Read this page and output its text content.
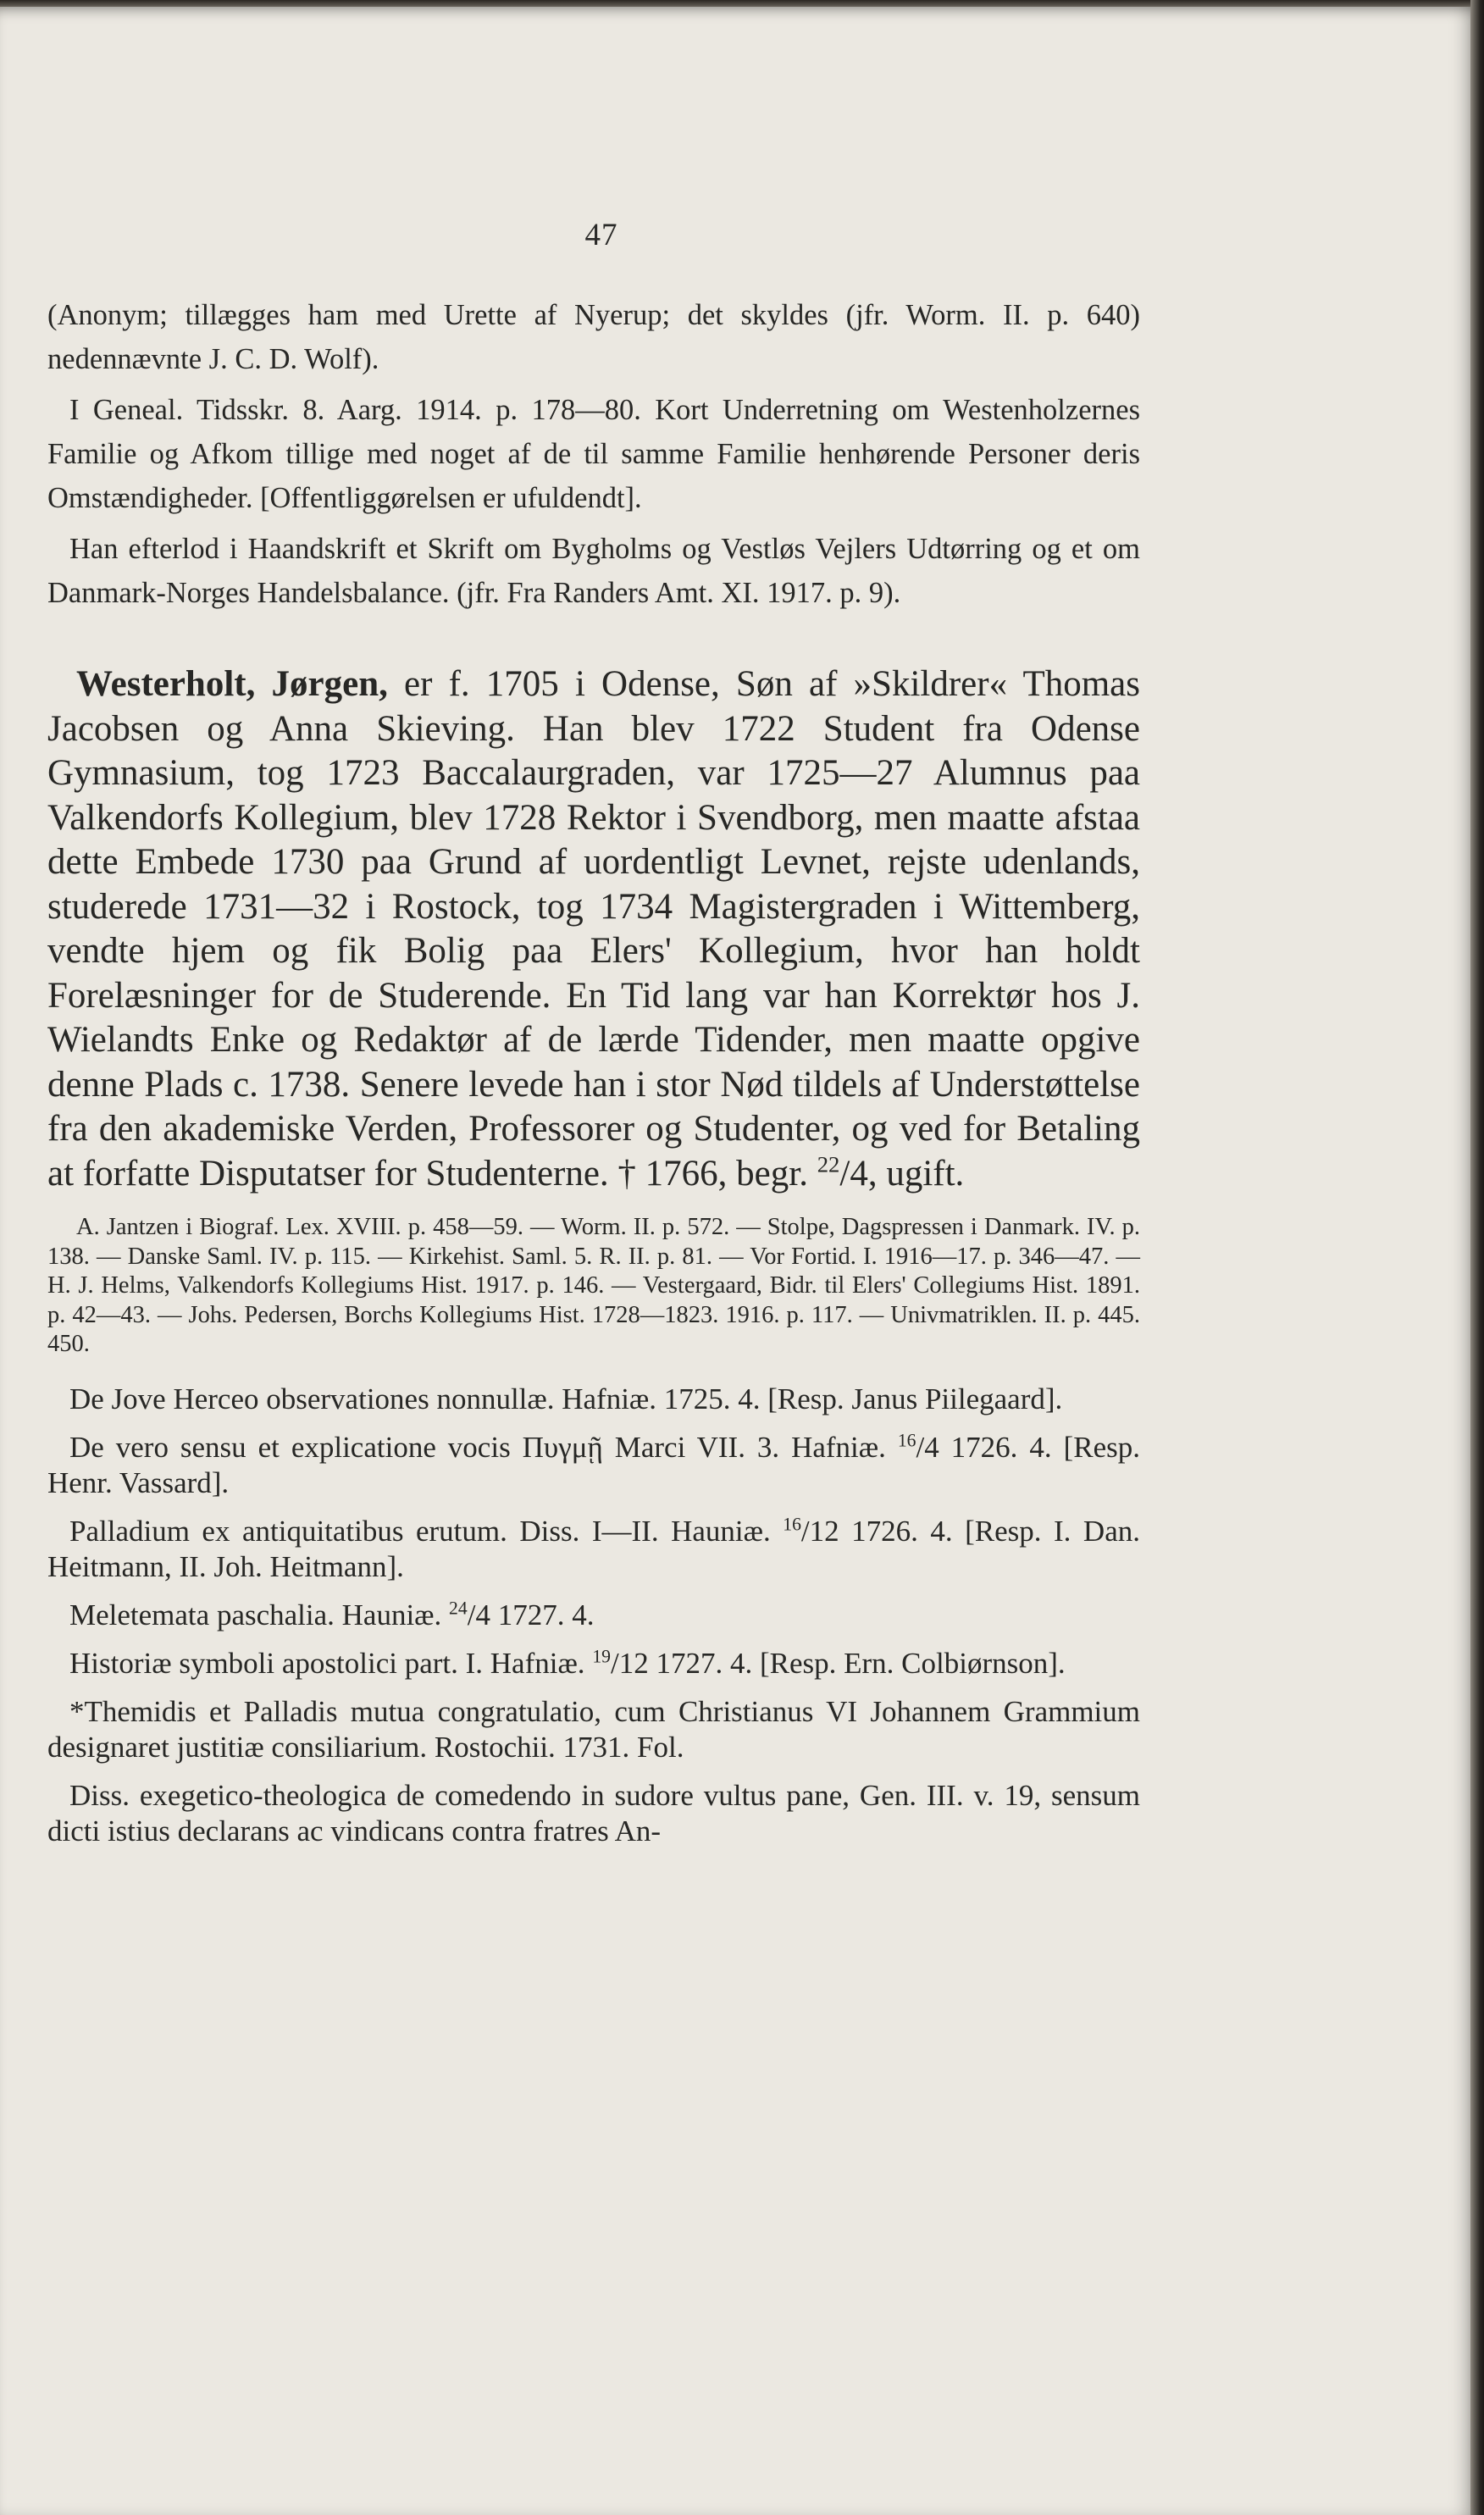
47

(Anonym; tillægges ham med Urette af Nyerup; det skyldes (jfr. Worm. II. p. 640) nedennævnte J. C. D. Wolf).

I Geneal. Tidsskr. 8. Aarg. 1914. p. 178—80. Kort Underretning om Westenholzernes Familie og Afkom tillige med noget af de til samme Familie henhørende Personer deris Omstændigheder. [Offentliggørelsen er ufuldendt].

Han efterlod i Haandskrift et Skrift om Bygholms og Vestløs Vejlers Udtørring og et om Danmark-Norges Handelsbalance. (jfr. Fra Randers Amt. XI. 1917. p. 9).

Westerholt, Jørgen, er f. 1705 i Odense, Søn af »Skildrer« Thomas Jacobsen og Anna Skieving. Han blev 1722 Student fra Odense Gymnasium, tog 1723 Baccalaurgraden, var 1725—27 Alumnus paa Valkendorfs Kollegium, blev 1728 Rektor i Svendborg, men maatte afstaa dette Embede 1730 paa Grund af uordentligt Levnet, rejste udenlands, studerede 1731—32 i Rostock, tog 1734 Magistergraden i Wittemberg, vendte hjem og fik Bolig paa Elers' Kollegium, hvor han holdt Forelæsninger for de Studerende. En Tid lang var han Korrektør hos J. Wielandts Enke og Redaktør af de lærde Tidender, men maatte opgive denne Plads c. 1738. Senere levede han i stor Nød tildels af Understøttelse fra den akademiske Verden, Professorer og Studenter, og ved for Betaling at forfatte Disputatser for Studenterne. † 1766, begr. $^{22}$/4, ugift.

A. Jantzen i Biograf. Lex. XVIII. p. 458—59. — Worm. II. p. 572. — Stolpe, Dagspressen i Danmark. IV. p. 138. — Danske Saml. IV. p. 115. — Kirkehist. Saml. 5. R. II. p. 81. — Vor Fortid. I. 1916—17. p. 346—47. — H. J. Helms, Valkendorfs Kollegiums Hist. 1917. p. 146. — Vestergaard, Bidr. til Elers' Collegiums Hist. 1891. p. 42—43. — Johs. Pedersen, Borchs Kollegiums Hist. 1728—1823. 1916. p. 117. — Univmatriklen. II. p. 445. 450.

De Jove Herceo observationes nonnullæ. Hafniæ. 1725. 4. [Resp. Janus Piilegaard].

De vero sensu et explicatione vocis Πυγμῇ Marci VII. 3. Hafniæ. $^{16}$/4 1726. 4. [Resp. Henr. Vassard].

Palladium ex antiquitatibus erutum. Diss. I—II. Hauniæ. $^{16}$/12 1726. 4. [Resp. I. Dan. Heitmann, II. Joh. Heitmann].

Meletemata paschalia. Hauniæ. $^{24}$/4 1727. 4.

Historiæ symboli apostolici part. I. Hafniæ. $^{19}$/12 1727. 4. [Resp. Ern. Colbiørnson].

*Themidis et Palladis mutua congratulatio, cum Christianus VI Johannem Grammium designaret justitiæ consiliarium. Rostochii. 1731. Fol.

Diss. exegetico-theologica de comedendo in sudore vultus pane, Gen. III. v. 19, sensum dicti istius declarans ac vindicans contra fratres An-
